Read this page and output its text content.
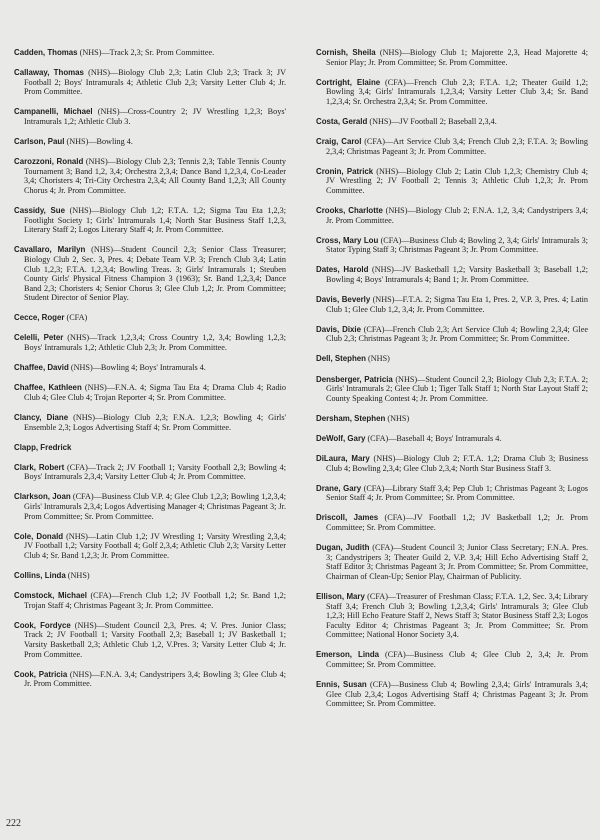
Cadden, Thomas (NHS)—Track 2,3; Sr. Prom Committee.

Callaway, Thomas (NHS)—Biology Club 2,3; Latin Club 2,3; Track 3; JV Football 2; Boys' Intramurals 4; Athletic Club 2,3; Varsity Letter Club 4; Jr. Prom Committee.

Campanelli, Michael (NHS)—Cross-Country 2; JV Wrestling 1,2,3; Boys' Intramurals 1,2; Athletic Club 3.

Carlson, Paul (NHS)—Bowling 4.

Carozzoni, Ronald (NHS)—Biology Club 2,3; Tennis 2,3; Table Tennis County Tournament 3; Band 1,2, 3,4; Orchestra 2,3,4; Dance Band 1,2,3,4, Co-Leader 3,4; Choristers 4; Tri-City Orchestra 2,3,4; All County Band 1,2,3; All County Chorus 4; Jr. Prom Committee.

Cassidy, Sue (NHS)—Biology Club 1,2; F.T.A. 1,2; Sigma Tau Eta 1,2,3; Footlight Society 1; Girls' Intramurals 1,4; North Star Business Staff 1,2,3, Literary Staff 2; Logos Literary Staff 4; Jr. Prom Committee.

Cavallaro, Marilyn (NHS)—Student Council 2,3; Senior Class Treasurer; Biology Club 2, Sec. 3, Pres. 4; Debate Team V.P. 3; French Club 3,4; Latin Club 1,2,3; F.T.A. 1,2,3,4; Bowling Treas. 3; Girls' Intramurals 1; Steuben County Girls' Physical Fitness Champion 3 (1963); Sr. Band 1,2,3,4; Dance Band 2,3; Choristers 4; Senior Chorus 3; Glee Club 1,2; Jr. Prom Committee; Student Director of Senior Play.

Cecce, Roger (CFA)

Celelli, Peter (NHS)—Track 1,2,3,4; Cross Country 1,2, 3,4; Bowling 1,2,3; Boys' Intramurals 1,2; Athletic Club 2,3; Jr. Prom Committee.

Chaffee, David (NHS)—Bowling 4; Boys' Intramurals 4.

Chaffee, Kathleen (NHS)—F.N.A. 4; Sigma Tau Eta 4; Drama Club 4; Radio Club 4; Glee Club 4; Trojan Reporter 4; Sr. Prom Committee.

Clancy, Diane (NHS)—Biology Club 2,3; F.N.A. 1,2,3; Bowling 4; Girls' Ensemble 2,3; Logos Advertising Staff 4; Sr. Prom Committee.

Clapp, Fredrick

Clark, Robert (CFA)—Track 2; JV Football 1; Varsity Football 2,3; Bowling 4; Boys' Intramurals 2,3,4; Varsity Letter Club 4; Jr. Prom Committee.

Clarkson, Joan (CFA)—Business Club V.P. 4; Glee Club 1,2,3; Bowling 1,2,3,4; Girls' Intramurals 2,3,4; Logos Advertising Manager 4; Christmas Pageant 3; Jr. Prom Committee; Sr. Prom Committee.

Cole, Donald (NHS)—Latin Club 1,2; JV Wrestling 1; Varsity Wrestling 2,3,4; JV Football 1,2; Varsity Football 4; Golf 2,3,4; Athletic Club 2,3; Varsity Letter Club 4; Sr. Band 1,2,3; Jr. Prom Committee.

Collins, Linda (NHS)

Comstock, Michael (CFA)—French Club 1,2; JV Football 1,2; Sr. Band 1,2; Trojan Staff 4; Christmas Pageant 3; Jr. Prom Committee.

Cook, Fordyce (NHS)—Student Council 2,3, Pres. 4; V. Pres. Junior Class; Track 2; JV Football 1; Varsity Football 2,3; Baseball 1; JV Basketball 1; Varsity Basketball 2,3; Athletic Club 1,2, V.Pres. 3; Varsity Letter Club 4; Jr. Prom Committee.

Cook, Patricia (NHS)—F.N.A. 3,4; Candystripers 3,4; Bowling 3; Glee Club 4; Jr. Prom Committee.

Cornish, Sheila (NHS)—Biology Club 1; Majorette 2,3, Head Majorette 4; Senior Play; Jr. Prom Committee; Sr. Prom Committee.

Cortright, Elaine (CFA)—French Club 2,3; F.T.A. 1,2; Theater Guild 1,2; Bowling 3,4; Girls' Intramurals 1,2,3,4; Varsity Letter Club 3,4; Sr. Band 1,2,3,4; Sr. Orchestra 2,3,4; Sr. Prom Committee.

Costa, Gerald (NHS)—JV Football 2; Baseball 2,3,4.

Craig, Carol (CFA)—Art Service Club 3,4; French Club 2,3; F.T.A. 3; Bowling 2,3,4; Christmas Pageant 3; Jr. Prom Committee.

Cronin, Patrick (NHS)—Biology Club 2; Latin Club 1,2,3; Chemistry Club 4; JV Wrestling 2; JV Football 2; Tennis 3; Athletic Club 1,2,3; Jr. Prom Committee.

Crooks, Charlotte (NHS)—Biology Club 2; F.N.A. 1,2, 3,4; Candystripers 3,4; Jr. Prom Committee.

Cross, Mary Lou (CFA)—Business Club 4; Bowling 2, 3,4; Girls' Intramurals 3; Stator Typing Staff 3; Christmas Pageant 3; Jr. Prom Committee.

Dates, Harold (NHS)—JV Basketball 1,2; Varsity Basketball 3; Baseball 1,2; Bowling 4; Boys' Intramurals 4; Band 1; Jr. Prom Committee.

Davis, Beverly (NHS)—F.T.A. 2; Sigma Tau Eta 1, Pres. 2, V.P. 3, Pres. 4; Latin Club 1; Glee Club 1,2, 3,4; Jr. Prom Committee.

Davis, Dixie (CFA)—French Club 2,3; Art Service Club 4; Bowling 2,3,4; Glee Club 2,3; Christmas Pageant 3; Jr. Prom Committee; Sr. Prom Committee.

Dell, Stephen (NHS)

Densberger, Patricia (NHS)—Student Council 2,3; Biology Club 2,3; F.T.A. 2; Girls' Intramurals 2; Glee Club 1; Tiger Talk Staff 1; North Star Layout Staff 2; County Speaking Contest 4; Jr. Prom Committee.

Dersham, Stephen (NHS)

DeWolf, Gary (CFA)—Baseball 4; Boys' Intramurals 4.

DiLaura, Mary (NHS)—Biology Club 2; F.T.A. 1,2; Drama Club 3; Business Club 4; Bowling 2,3,4; Glee Club 2,3,4; North Star Business Staff 3.

Drane, Gary (CFA)—Library Staff 3,4; Pep Club 1; Christmas Pageant 3; Logos Senior Staff 4; Jr. Prom Committee; Sr. Prom Committee.

Driscoll, James (CFA)—JV Football 1,2; JV Basketball 1,2; Jr. Prom Committee; Sr. Prom Committee.

Dugan, Judith (CFA)—Student Council 3; Junior Class Secretary; F.N.A. Pres. 3; Candystripers 3; Theater Guild 2, V.P. 3,4; Hill Echo Advertising Staff 2, Staff Editor 3; Christmas Pageant 3; Jr. Prom Committee; Sr. Prom Committee, Chairman of Clean-Up; Senior Play, Chairman of Publicity.

Ellison, Mary (CFA)—Treasurer of Freshman Class; F.T.A. 1,2, Sec. 3,4; Library Staff 3,4; French Club 3; Bowling 1,2,3,4; Girls' Intramurals 3; Glee Club 1,2,3; Hill Echo Feature Staff 2, News Staff 3; Stator Business Staff 2,3; Logos Faculty Editor 4; Christmas Pageant 3; Jr. Prom Committee; Sr. Prom Committee; National Honor Society 3,4.

Emerson, Linda (CFA)—Business Club 4; Glee Club 2, 3,4; Jr. Prom Committee; Sr. Prom Committee.

Ennis, Susan (CFA)—Business Club 4; Bowling 2,3,4; Girls' Intramurals 3,4; Glee Club 2,3,4; Logos Advertising Staff 4; Christmas Pageant 3; Jr. Prom Committee; Sr. Prom Committee.

222
